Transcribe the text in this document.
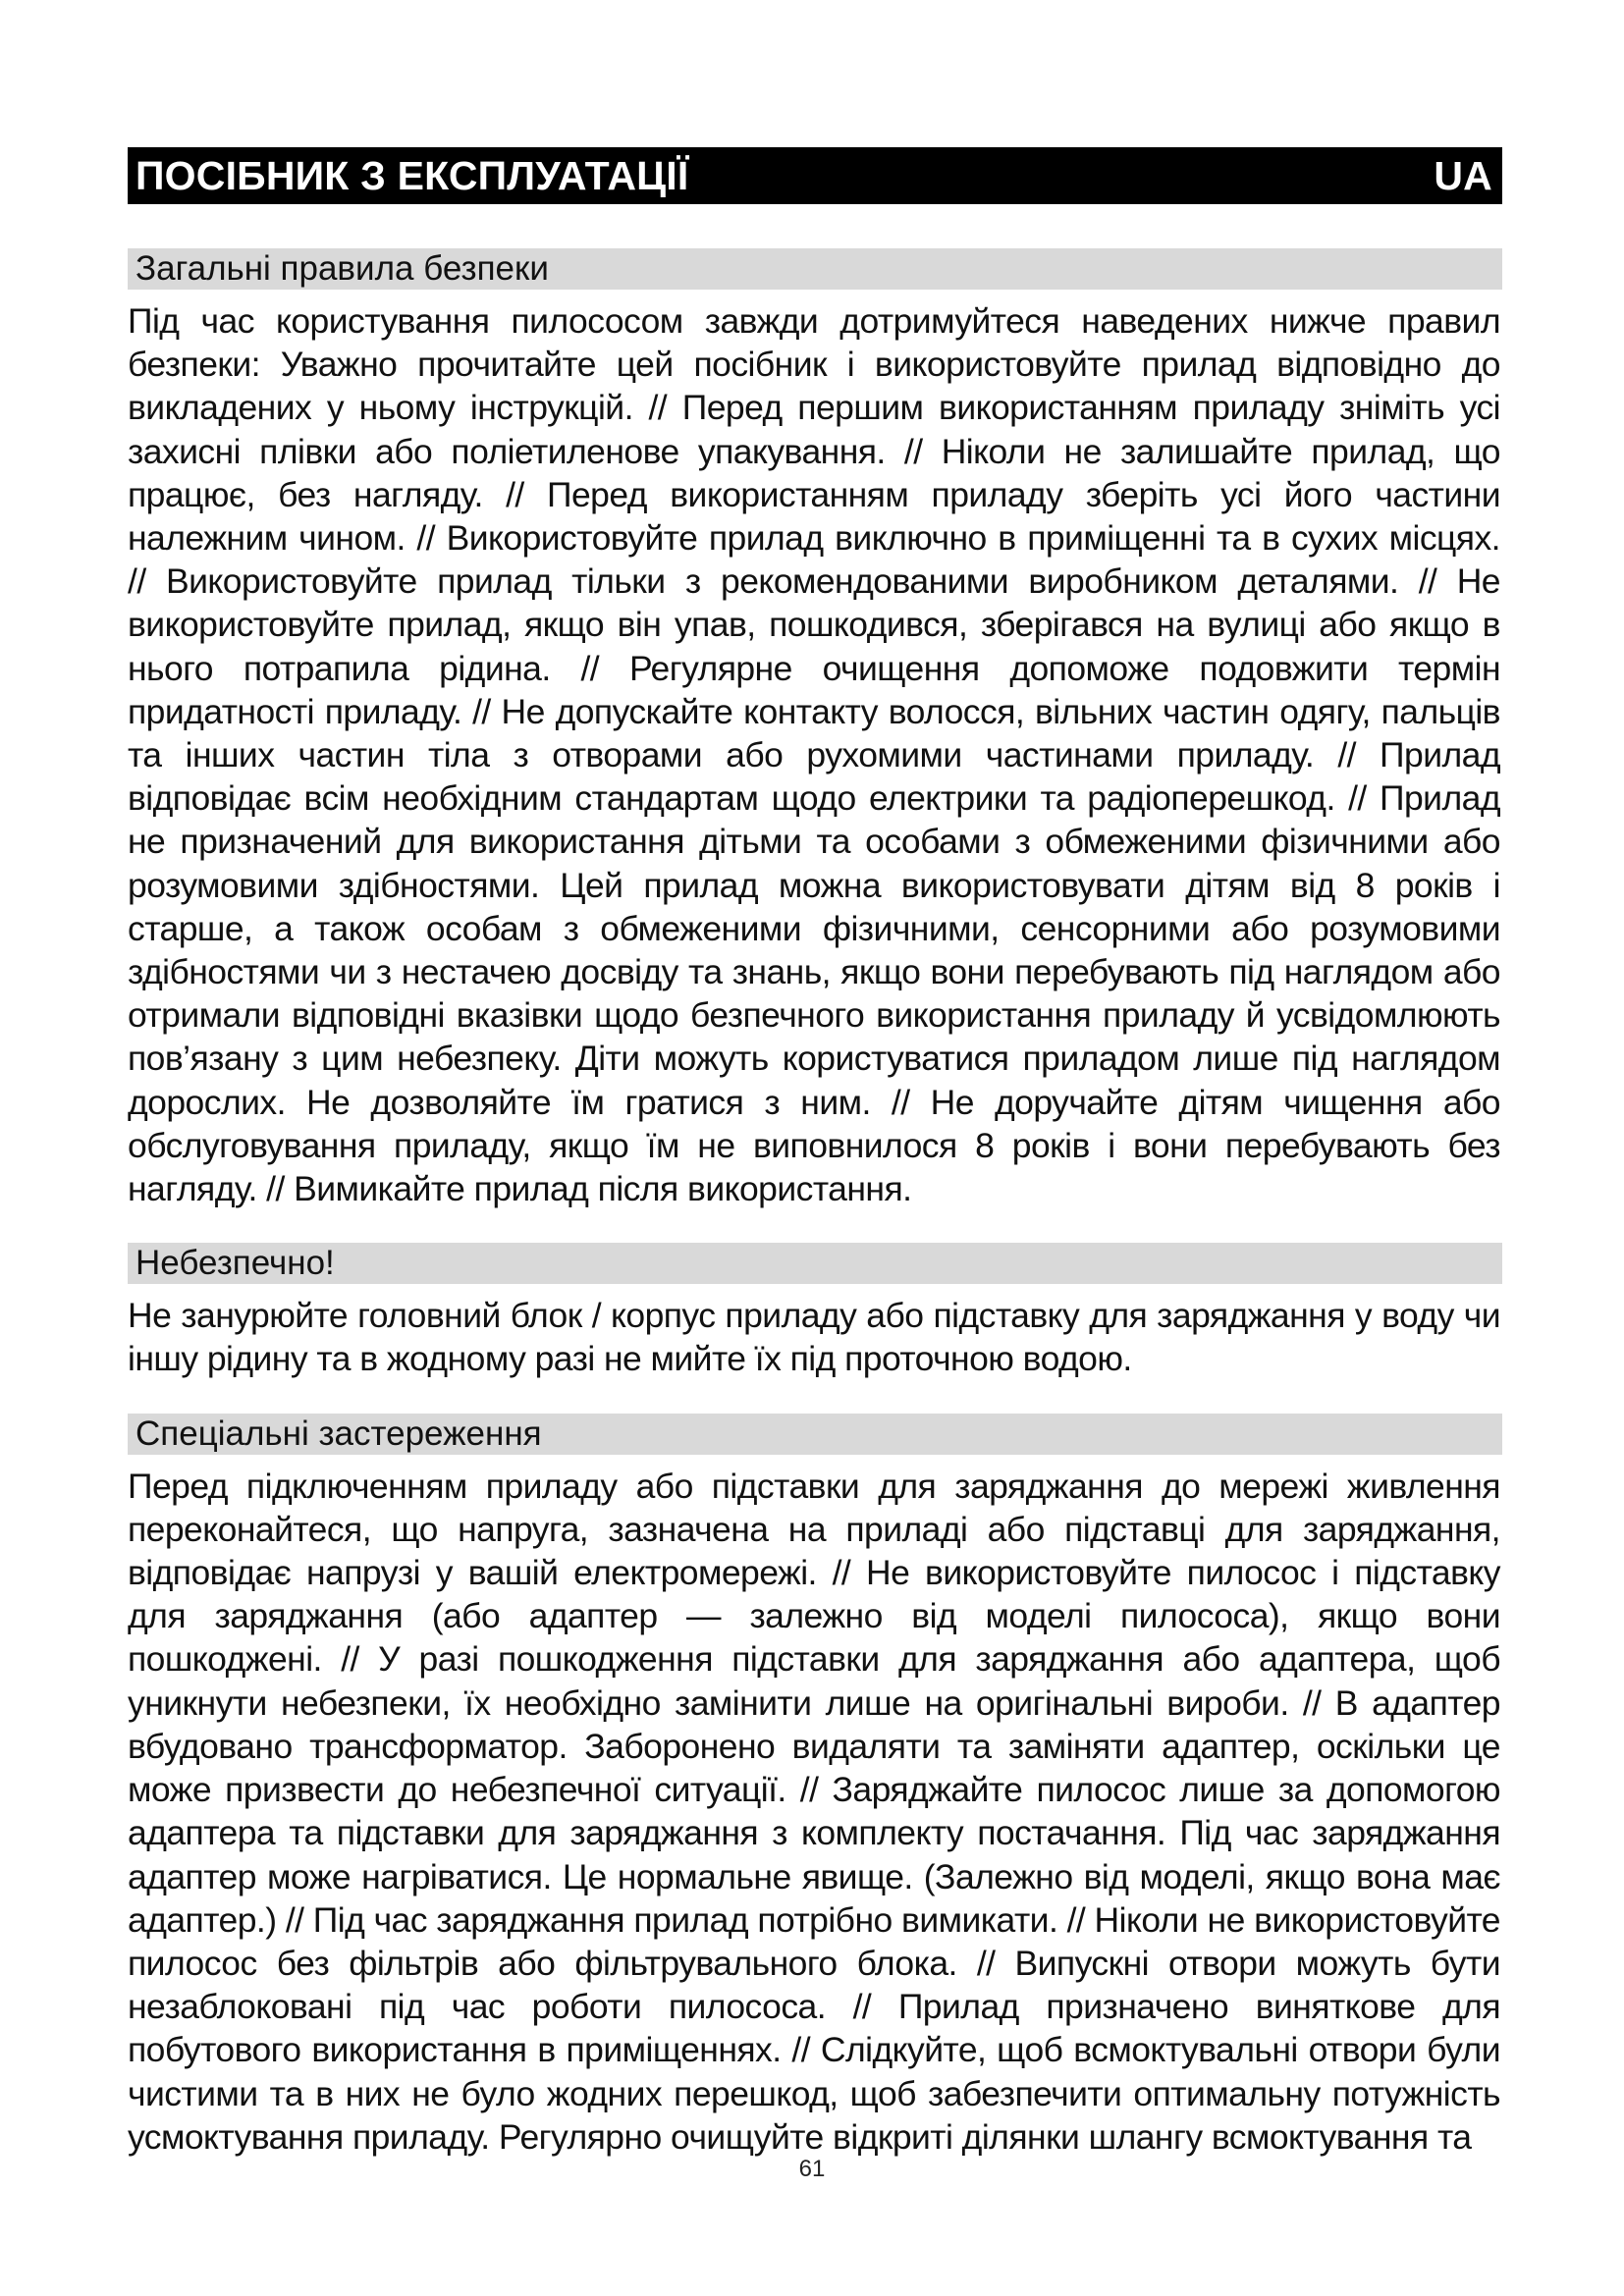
ПОСІБНИК З ЕКСПЛУАТАЦІЇ	UA
Загальні правила безпеки
Під час користування пилососом завжди дотримуйтеся наведених нижче правил безпеки: Уважно прочитайте цей посібник і використовуйте прилад відповідно до викладених у ньому інструкцій. // Перед першим використанням приладу зніміть усі захисні плівки або поліетиленове упакування. // Ніколи не залишайте прилад, що працює, без нагляду. // Перед використанням приладу зберіть усі його частини належним чином. // Використовуйте прилад виключно в приміщенні та в сухих місцях. // Використовуйте прилад тільки з рекомендованими виробником деталями. // Не використовуйте прилад, якщо він упав, пошкодився, зберігався на вулиці або якщо в нього потрапила рідина. // Регулярне очищення допоможе подовжити термін придатності приладу. // Не допускайте контакту волосся, вільних частин одягу, пальців та інших частин тіла з отворами або рухомими частинами приладу. // Прилад відповідає всім необхідним стандартам щодо електрики та радіоперешкод. // Прилад не призначений для використання дітьми та особами з обмеженими фізичними або розумовими здібностями. Цей прилад можна використовувати дітям від 8 років і старше, а також особам з обмеженими фізичними, сенсорними або розумовими здібностями чи з нестачею досвіду та знань, якщо вони перебувають під наглядом або отримали відповідні вказівки щодо безпечного використання приладу й усвідомлюють пов’язану з цим небезпеку. Діти можуть користуватися приладом лише під наглядом дорослих. Не дозволяйте їм гратися з ним. // Не доручайте дітям чищення або обслуговування приладу, якщо їм не виповнилося 8 років і вони перебувають без нагляду. // Вимикайте прилад після використання.
Небезпечно!
Не занурюйте головний блок / корпус приладу або підставку для заряджання у воду чи іншу рідину та в жодному разі не мийте їх під проточною водою.
Спеціальні застереження
Перед підключенням приладу або підставки для заряджання до мережі живлення переконайтеся, що напруга, зазначена на приладі або підставці для заряджання, відповідає напрузі у вашій електромережі. // Не використовуйте пилосос і підставку для заряджання (або адаптер — залежно від моделі пилососа), якщо вони пошкоджені. // У разі пошкодження підставки для заряджання або адаптера, щоб уникнути небезпеки, їх необхідно замінити лише на оригінальні вироби. // В адаптер вбудовано трансформатор. Заборонено видаляти та заміняти адаптер, оскільки це може призвести до небезпечної ситуації. // Заряджайте пилосос лише за допомогою адаптера та підставки для заряджання з комплекту постачання. Під час заряджання адаптер може нагріватися. Це нормальне явище. (Залежно від моделі, якщо вона має адаптер.) // Під час заряджання прилад потрібно вимикати. // Ніколи не використовуйте пилосос без фільтрів або фільтрувального блока. // Випускні отвори можуть бути незаблоковані під час роботи пилососа. // Прилад призначено виняткове для побутового використання в приміщеннях. // Слідкуйте, щоб всмоктувальні отвори були чистими та в них не було жодних перешкод, щоб забезпечити оптимальну потужність усмоктування приладу. Регулярно очищуйте відкриті ділянки шлангу всмоктування та
61
